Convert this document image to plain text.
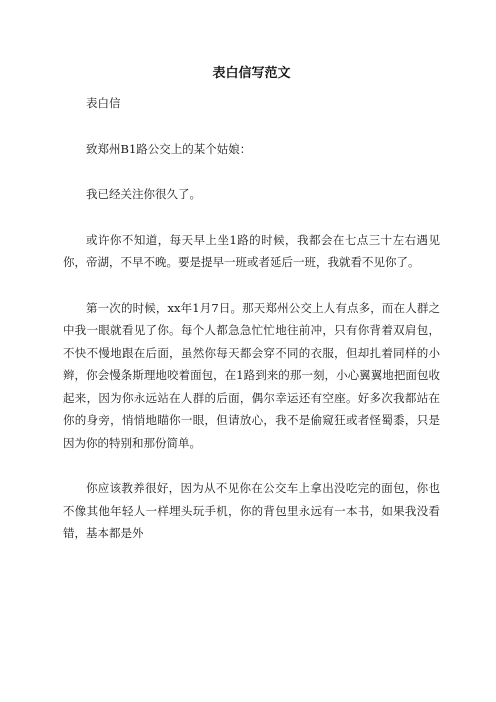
表白信写范文

表白信

致郑州B1路公交上的某个姑娘：

我已经关注你很久了。

或许你不知道，每天早上坐1路的时候，我都会在七点三十左右遇见你，帝湖，不早不晚。要是提早一班或者延后一班，我就看不见你了。

第一次的时候，xx年1月7日。那天郑州公交上人有点多，而在人群之中我一眼就看见了你。每个人都急急忙忙地往前冲，只有你背着双肩包，不快不慢地跟在后面，虽然你每天都会穿不同的衣服，但却扎着同样的小辫，你会慢条斯理地咬着面包，在1路到来的那一刻，小心翼翼地把面包收起来，因为你永远站在人群的后面，偶尔幸运还有空座。好多次我都站在你的身旁，悄悄地瞄你一眼，但请放心，我不是偷窥狂或者怪蜀黍，只是因为你的特别和那份简单。

你应该教养很好，因为从不见你在公交车上拿出没吃完的面包，你也不像其他年轻人一样埋头玩手机，你的背包里永远有一本书，如果我没看错，基本都是外
